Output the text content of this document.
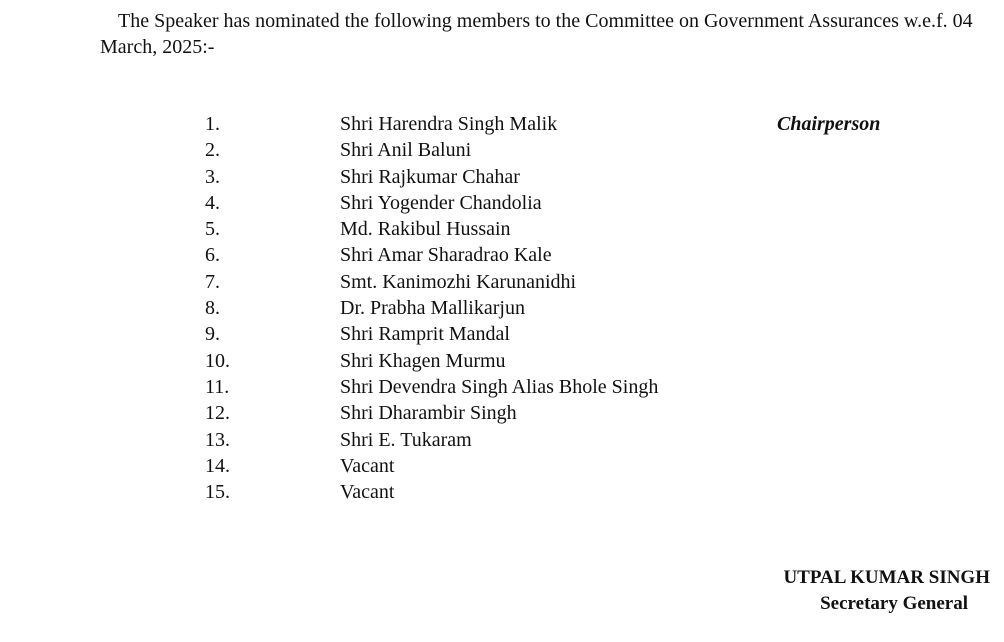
The Speaker has nominated the following members to the Committee on Government Assurances w.e.f. 04 March, 2025:-

1.	Shri Harendra Singh Malik	Chairperson
2.	Shri Anil Baluni
3.	Shri Rajkumar Chahar
4.	Shri Yogender Chandolia
5.	Md. Rakibul Hussain
6.	Shri Amar Sharadrao Kale
7.	Smt. Kanimozhi Karunanidhi
8.	Dr. Prabha Mallikarjun
9.	Shri Ramprit Mandal
10.	Shri Khagen Murmu
11.	Shri Devendra Singh Alias Bhole Singh
12.	Shri Dharambir Singh
13.	Shri E. Tukaram
14.	Vacant
15.	Vacant
UTPAL KUMAR SINGH
Secretary General
